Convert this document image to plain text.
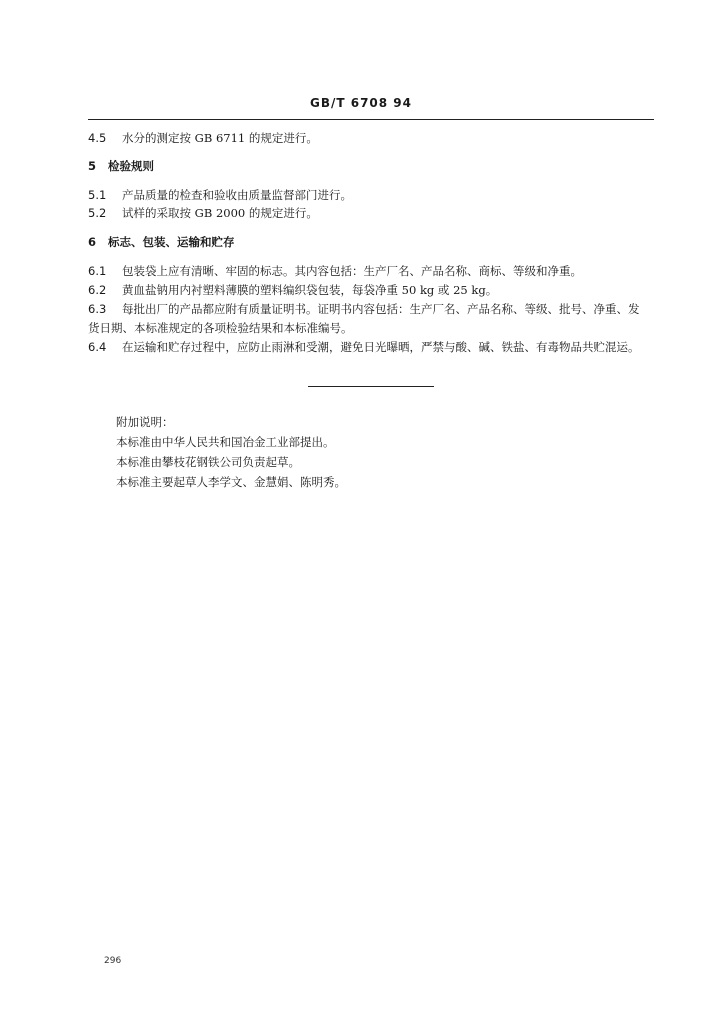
GB/T 6708 94
4.5 水分的测定按 GB 6711 的规定进行。
5 检验规则
5.1 产品质量的检查和验收由质量监督部门进行。
5.2 试样的采取按 GB 2000 的规定进行。
6 标志、包装、运输和贮存
6.1 包装袋上应有清晰、牢固的标志。其内容包括：生产厂名、产品名称、商标、等级和净重。
6.2 黄血盐钠用内衬塑料薄膜的塑料编织袋包装，每袋净重 50 kg 或 25 kg。
6.3 每批出厂的产品都应附有质量证明书。证明书内容包括：生产厂名、产品名称、等级、批号、净重、发
货日期、本标准规定的各项检验结果和本标准编号。
6.4 在运输和贮存过程中，应防止雨淋和受潮，避免日光曝晒，严禁与酸、碱、铁盐、有毒物品共贮混运。
附加说明：
本标准由中华人民共和国冶金工业部提出。
本标准由攀枝花钢铁公司负责起草。
本标准主要起草人李学文、金慧娟、陈明秀。
296
